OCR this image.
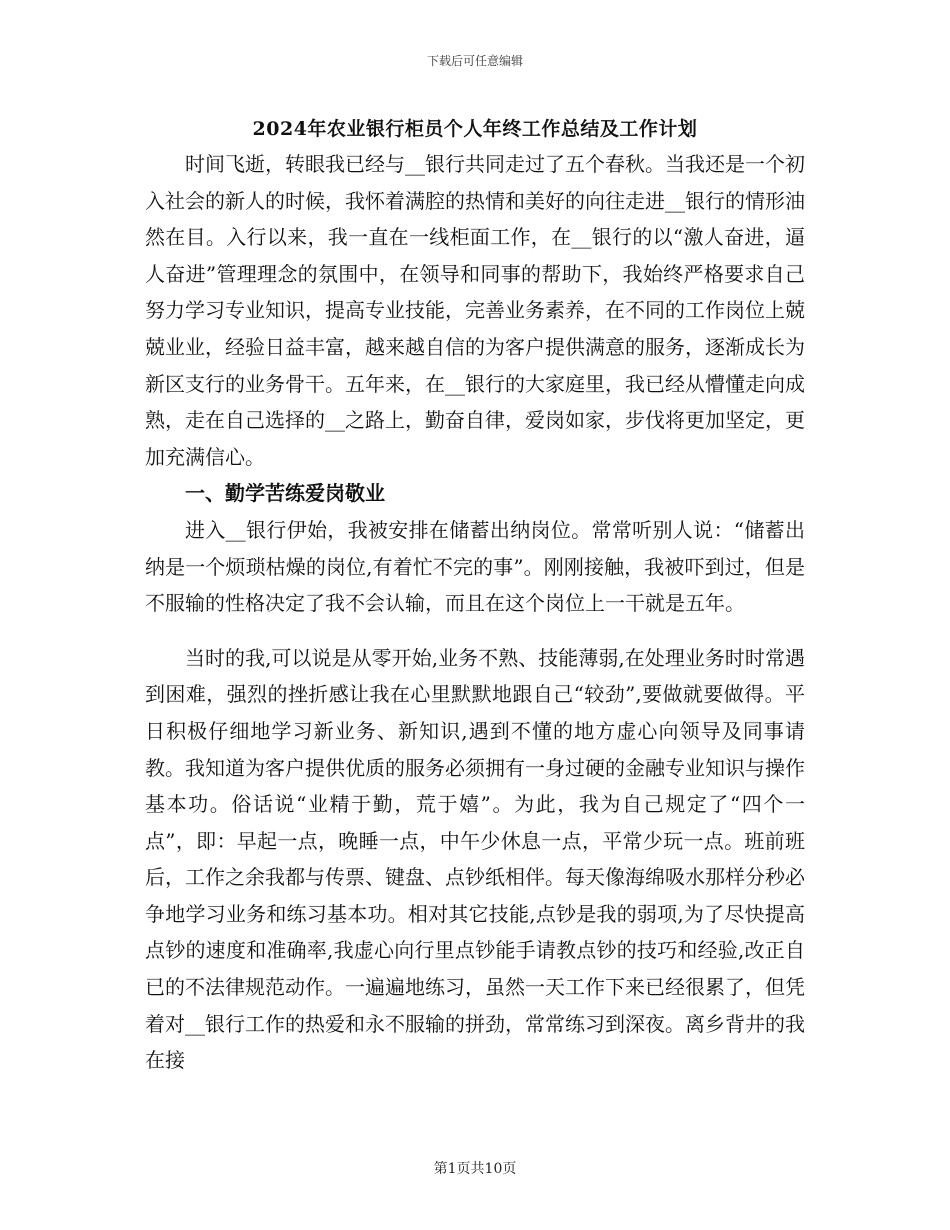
下载后可任意编辑
2024年农业银行柜员个人年终工作总结及工作计划

时间飞逝，转眼我已经与__银行共同走过了五个春秋。当我还是一个初入社会的新人的时候，我怀着满腔的热情和美好的向往走进__银行的情形油然在目。入行以来，我一直在一线柜面工作，在__银行的以“激人奋进，逼人奋进”管理理念的氛围中，在领导和同事的帮助下，我始终严格要求自己努力学习专业知识，提高专业技能，完善业务素养，在不同的工作岗位上兢兢业业，经验日益丰富，越来越自信的为客户提供满意的服务，逐渐成长为新区支行的业务骨干。五年来，在__银行的大家庭里，我已经从懵懂走向成熟，走在自己选择的__之路上，勤奋自律，爱岗如家，步伐将更加坚定，更加充满信心。

一、勤学苦练爱岗敬业

进入__银行伊始，我被安排在储蓄出纳岗位。常常听别人说：“储蓄出纳是一个烦琐枯燥的岗位,有着忙不完的事”。刚刚接触，我被吓到过，但是不服输的性格决定了我不会认输，而且在这个岗位上一干就是五年。

当时的我,可以说是从零开始,业务不熟、技能薄弱,在处理业务时时常遇到困难，强烈的挫折感让我在心里默默地跟自己“较劲”,要做就要做得。平日积极仔细地学习新业务、新知识,遇到不懂的地方虚心向领导及同事请教。我知道为客户提供优质的服务必须拥有一身过硬的金融专业知识与操作基本功。俗话说“业精于勤，荒于嬉”。为此，我为自己规定了“四个一点”，即：早起一点，晚睡一点，中午少休息一点，平常少玩一点。班前班后，工作之余我都与传票、键盘、点钞纸相伴。每天像海绵吸水那样分秒必争地学习业务和练习基本功。相对其它技能,点钞是我的弱项,为了尽快提高点钞的速度和准确率,我虚心向行里点钞能手请教点钞的技巧和经验,改正自已的不法律规范动作。一遍遍地练习，虽然一天工作下来已经很累了，但凭着对__银行工作的热爱和永不服输的拼劲，常常练习到深夜。离乡背井的我在接

第1页共10页
